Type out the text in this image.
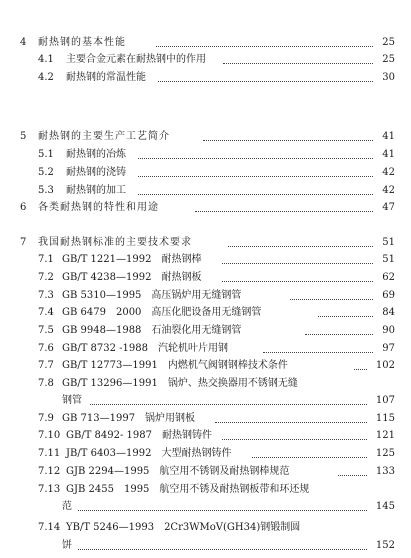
4 耐热钢的基本性能	25
4.1 主要合金元素在耐热钢中的作用	25
4.2 耐热钢的常温性能	30
5 耐热钢的主要生产工艺简介	41
5.1 耐热钢的冶炼	41
5.2 耐热钢的浇铸	42
5.3 耐热钢的加工	42
6 各类耐热钢的特性和用途	47
7 我国耐热钢标准的主要技术要求	51
7.1 GB/T 1221—1992　耐热钢棒	51
7.2 GB/T 4238—1992　耐热钢板	62
7.3 GB 5310—1995　高压锅炉用无缝钢管	69
7.4 GB 6479　2000　高压化肥设备用无缝钢管	84
7.5 GB 9948—1988　石油裂化用无缝钢管	90
7.6 GB/T 8732 -1988　汽轮机叶片用钢	97
7.7 GB/T 12773—1991　内燃机气阀钢钢棒技术条件	102
7.8 GB/T 13296—1991　锅炉、热交换器用不锈钢无缝
钢管	107
7.9 GB 713—1997　锅炉用钢板	115
7.10 GB/T 8492- 1987　耐热钢铸件	121
7.11 JB/T 6403—1992　大型耐热钢铸件	125
7.12 GJB 2294—1995　航空用不锈钢及耐热钢棒规范	133
7.13 GJB 2455　1995　航空用不锈及耐热钢板带和环还规
范	145
7.14 YB/T 5246—1993　2Cr3WMoV(GH34)钢锻制圆
饼	152
